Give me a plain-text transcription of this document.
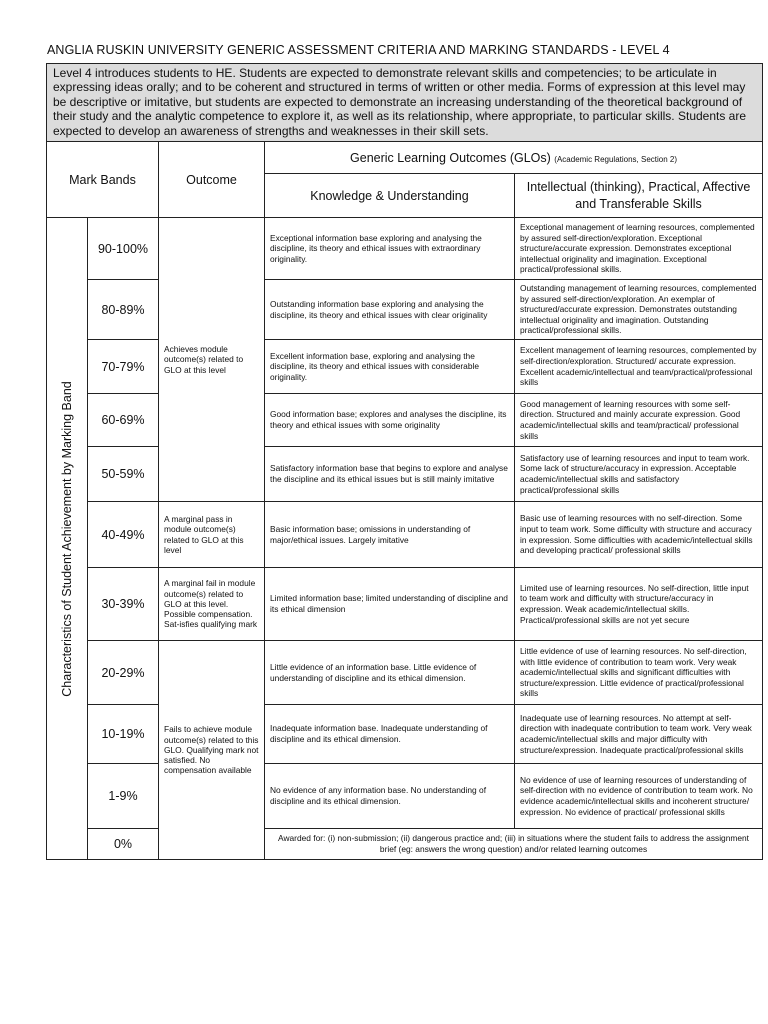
ANGLIA RUSKIN UNIVERSITY GENERIC ASSESSMENT CRITERIA AND MARKING STANDARDS - LEVEL 4
Level 4 introduces students to HE. Students are expected to demonstrate relevant skills and competencies; to be articulate in expressing ideas orally; and to be coherent and structured in terms of written or other media. Forms of expression at this level may be descriptive or imitative, but students are expected to demonstrate an increasing understanding of the theoretical background of their study and the analytic competence to explore it, as well as its relationship, where appropriate, to particular skills. Students are expected to develop an awareness of strengths and weaknesses in their skill sets.				
Mark Bands		Outcome	Generic Learning Outcomes (GLOs) (Academic Regulations, Section 2)	
			Knowledge & Understanding	Intellectual (thinking), Practical, Affective and Transferable Skills

Characteristics of Student Achievement by Marking Band	90-100%	Achieves module outcome(s) related to GLO at this level	Exceptional information base exploring and analysing the discipline, its theory and ethical issues with extraordinary originality.	Exceptional management of learning resources, complemented by assured self-direction/exploration. Exceptional structure/accurate expression. Demonstrates exceptional intellectual originality and imagination. Exceptional practical/professional skills.
	80-89%		Outstanding information base exploring and analysing the discipline, its theory and ethical issues with clear originality	Outstanding management of learning resources, complemented by assured self-direction/exploration. An exemplar of structured/accurate expression. Demonstrates outstanding intellectual originality and imagination. Outstanding practical/professional skills.
	70-79%		Excellent information base, exploring and analysing the discipline, its theory and ethical issues with considerable originality.	Excellent management of learning resources, complemented by self-direction/exploration. Structured/ accurate expression. Excellent academic/intellectual and team/practical/professional skills
	60-69%		Good information base; explores and analyses the discipline, its theory and ethical issues with some originality	Good management of learning resources with some self-direction. Structured and mainly accurate expression. Good academic/intellectual skills and team/practical/ professional skills
	50-59%		Satisfactory information base that begins to explore and analyse the discipline and its ethical issues but is still mainly imitative	Satisfactory use of learning resources and input to team work. Some lack of structure/accuracy in expression. Acceptable academic/intellectual skills and satisfactory practical/professional skills
	40-49%	A marginal pass in module outcome(s) related to GLO at this level	Basic information base; omissions in understanding of major/ethical issues. Largely imitative	Basic use of learning resources with no self-direction. Some input to team work. Some difficulty with structure and accuracy in expression. Some difficulties with academic/intellectual skills and developing practical/ professional skills
	30-39%	A marginal fail in module outcome(s) related to GLO at this level. Possible compensation. Sat-isfies qualifying mark	Limited information base; limited understanding of discipline and its ethical dimension	Limited use of learning resources. No self-direction, little input to team work and difficulty with structure/accuracy in expression. Weak academic/intellectual skills. Practical/professional skills are not yet secure
	20-29%	Fails to achieve module outcome(s) related to this GLO. Qualifying mark not satisfied. No compensation available	Little evidence of an information base. Little evidence of understanding of discipline and its ethical dimension.	Little evidence of use of learning resources. No self-direction, with little evidence of contribution to team work. Very weak academic/intellectual skills and significant difficulties with structure/expression. Little evidence of practical/professional skills
	10-19%		Inadequate information base. Inadequate understanding of discipline and its ethical dimension.	Inadequate use of learning resources. No attempt at self-direction with inadequate contribution to team work. Very weak academic/intellectual skills and major difficulty with structure/expression. Inadequate practical/professional skills
	1-9%		No evidence of any information base. No understanding of discipline and its ethical dimension.	No evidence of use of learning resources of understanding of self-direction with no evidence of contribution to team work. No evidence academic/intellectual skills and incoherent structure/ expression. No evidence of practical/ professional skills
	0%		Awarded for: (i) non-submission; (ii) dangerous practice and; (iii) in situations where the student fails to address the assignment brief (eg: answers the wrong question) and/or related learning outcomes	
